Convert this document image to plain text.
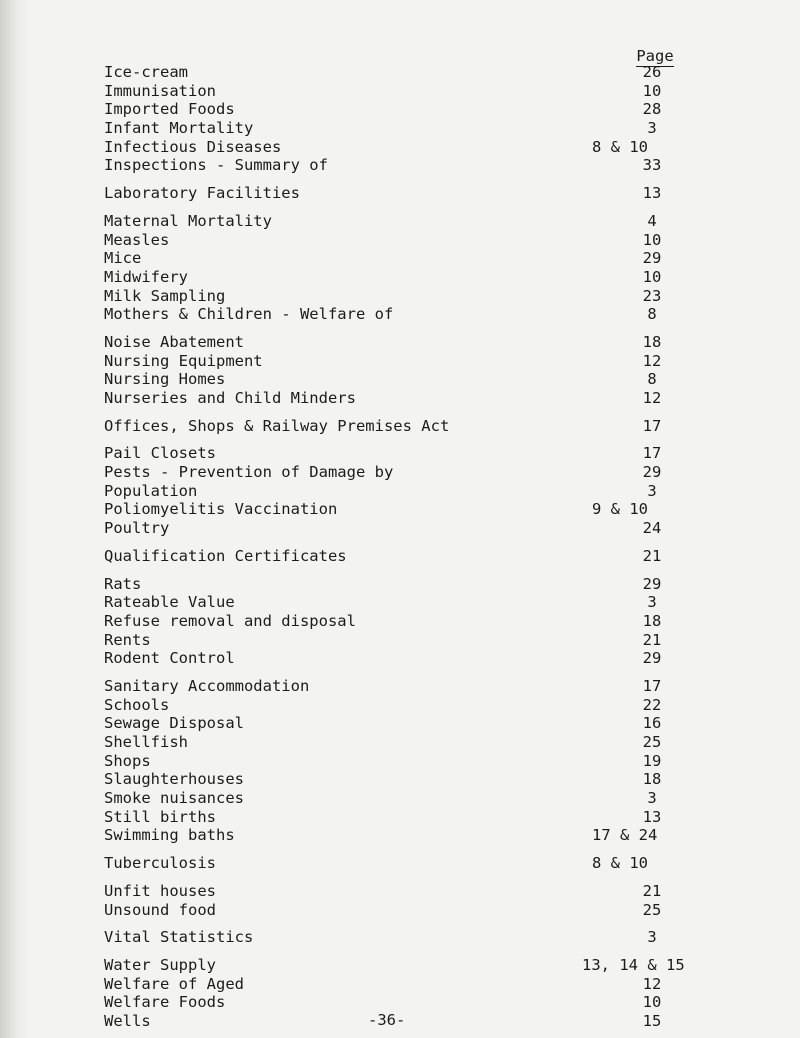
Page
Ice-cream	26
Immunisation	10
Imported Foods	28
Infant Mortality	3
Infectious Diseases	8 & 10
Inspections - Summary of	33
Laboratory Facilities	13
Maternal Mortality	4
Measles	10
Mice	29
Midwifery	10
Milk Sampling	23
Mothers & Children - Welfare of	8
Noise Abatement	18
Nursing Equipment	12
Nursing Homes	8
Nurseries and Child Minders	12
Offices, Shops & Railway Premises Act	17
Pail Closets	17
Pests - Prevention of Damage by	29
Population	3
Poliomyelitis Vaccination	9 & 10
Poultry	24
Qualification Certificates	21
Rats	29
Rateable Value	3
Refuse removal and disposal	18
Rents	21
Rodent Control	29
Sanitary Accommodation	17
Schools	22
Sewage Disposal	16
Shellfish	25
Shops	19
Slaughterhouses	18
Smoke nuisances	3
Still births	13
Swimming baths	17 & 24
Tuberculosis	8 & 10
Unfit houses	21
Unsound food	25
Vital Statistics	3
Water Supply	13, 14 & 15
Welfare of Aged	12
Welfare Foods	10
Wells	15
-36-
